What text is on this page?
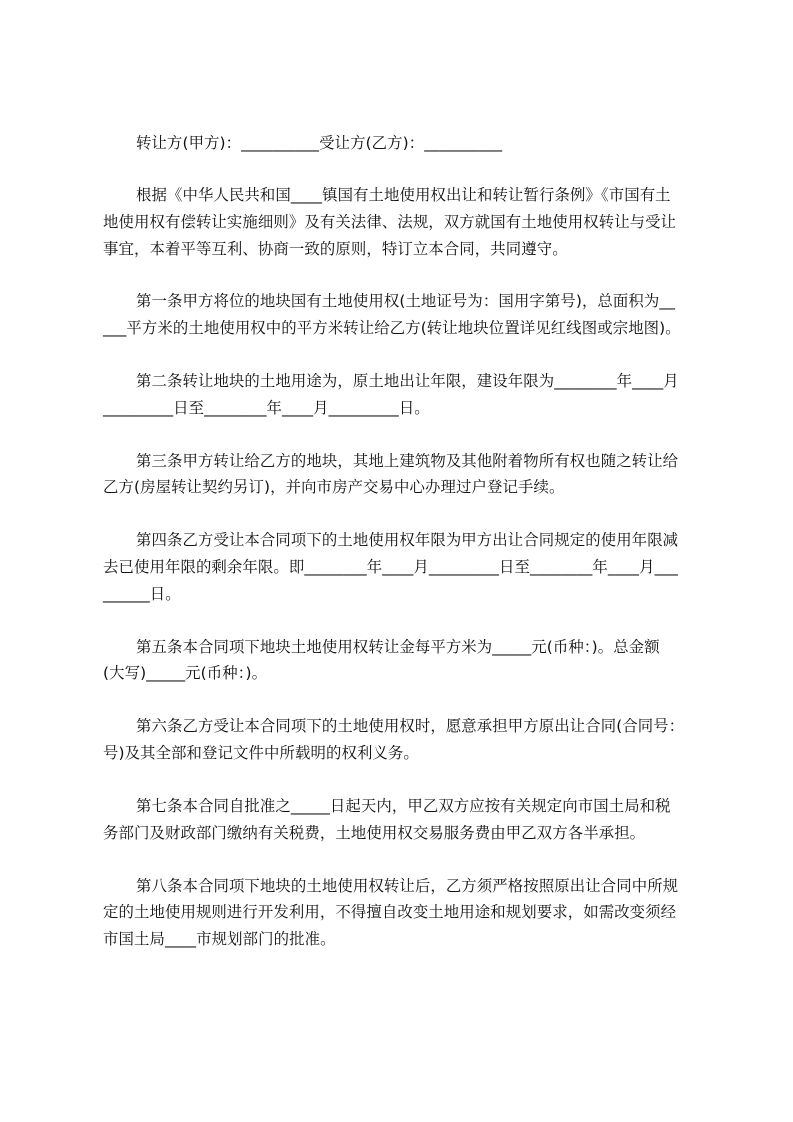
转让方(甲方)：__________受让方(乙方)：__________
根据《中华人民共和国____镇国有土地使用权出让和转让暂行条例》《市国有土
地使用权有偿转让实施细则》及有关法律、法规，双方就国有土地使用权转让与受让
事宜，本着平等互利、协商一致的原则，特订立本合同，共同遵守。
第一条甲方将位的地块国有土地使用权(土地证号为：国用字第号)，总面积为__
___平方米的土地使用权中的平方米转让给乙方(转让地块位置详见红线图或宗地图)。
第二条转让地块的土地用途为，原土地出让年限，建设年限为________年____月
_________日至________年____月_________日。
第三条甲方转让给乙方的地块，其地上建筑物及其他附着物所有权也随之转让给
乙方(房屋转让契约另订)，并向市房产交易中心办理过户登记手续。
第四条乙方受让本合同项下的土地使用权年限为甲方出让合同规定的使用年限减
去已使用年限的剩余年限。即________年____月_________日至________年____月___
______日。
第五条本合同项下地块土地使用权转让金每平方米为_____元(币种：)。总金额
(大写)_____元(币种：)。
第六条乙方受让本合同项下的土地使用权时，愿意承担甲方原出让合同(合同号：
号)及其全部和登记文件中所载明的权利义务。
第七条本合同自批准之_____日起天内，甲乙双方应按有关规定向市国土局和税
务部门及财政部门缴纳有关税费，土地使用权交易服务费由甲乙双方各半承担。
第八条本合同项下地块的土地使用权转让后，乙方须严格按照原出让合同中所规
定的土地使用规则进行开发利用，不得擅自改变土地用途和规划要求，如需改变须经
市国土局____市规划部门的批准。
